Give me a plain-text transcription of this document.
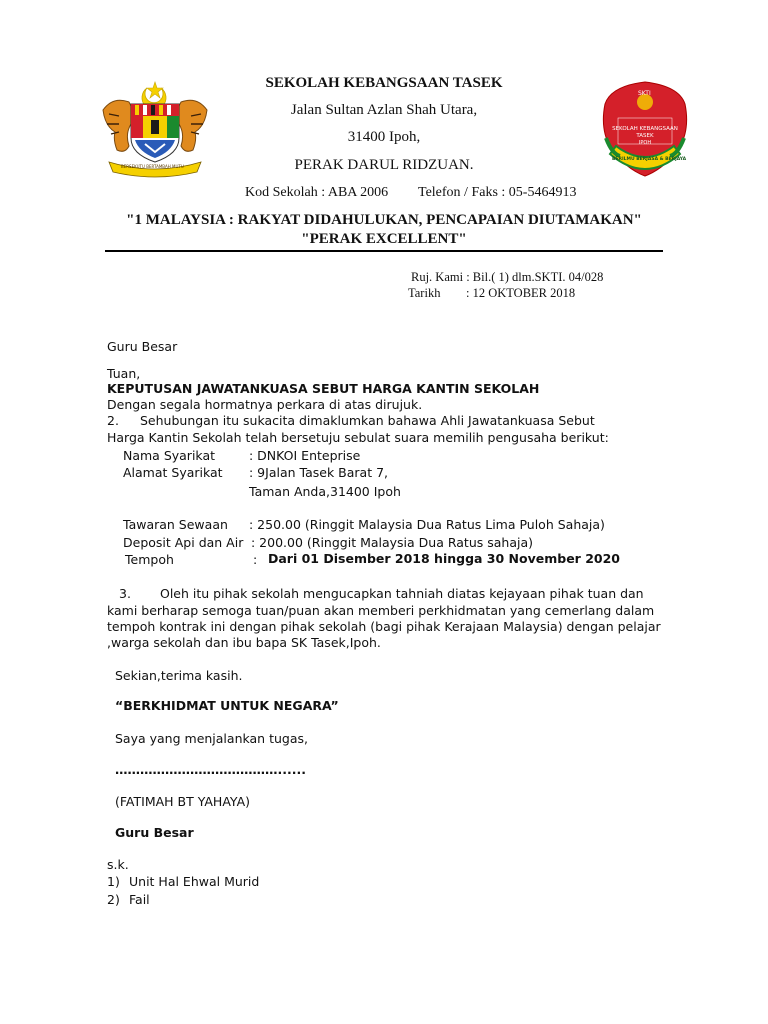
BERSEKUTU BERTAMBAH MUTU
SKTI
SEKOLAH KEBANGSAAN
TASEK
IPOH
BERILMU BERJASA & BERJAYA
SEKOLAH KEBANGSAAN TASEK
Jalan Sultan Azlan Shah Utara,
31400 Ipoh,
PERAK DARUL RIDZUAN.
Kod Sekolah : ABA 2006 Telefon / Faks : 05-5464913
"1 MALAYSIA : RAKYAT DIDAHULUKAN, PENCAPAIAN DIUTAMAKAN"
"PERAK EXCELLENT"
Ruj. Kami : Bil.( 1) dlm.SKTI. 04/028
Tarikh : 12 OKTOBER 2018
Guru Besar
Tuan,
KEPUTUSAN JAWATANKUASA SEBUT HARGA KANTIN SEKOLAH
Dengan segala hormatnya perkara di atas dirujuk.
2. Sehubungan itu sukacita dimaklumkan bahawa Ahli Jawatankuasa Sebut
Harga Kantin Sekolah telah bersetuju sebulat suara memilih pengusaha berikut:
Nama Syarikat	: DNKOI Enteprise
Alamat Syarikat : 9Jalan Tasek Barat 7,
Taman Anda,31400 Ipoh
Tawaran Sewaan : 250.00 (Ringgit Malaysia Dua Ratus Lima Puloh Sahaja)
Deposit Api dan Air : 200.00 (Ringgit Malaysia Dua Ratus sahaja)
Tempoh	: Dari 01 Disember 2018 hingga 30 November 2020
3. Oleh itu pihak sekolah mengucapkan tahniah diatas kejayaan pihak tuan dan
kami berharap semoga tuan/puan akan memberi perkhidmatan yang cemerlang dalam
tempoh kontrak ini dengan pihak sekolah (bagi pihak Kerajaan Malaysia) dengan pelajar
,warga sekolah dan ibu bapa SK Tasek,Ipoh.
Sekian,terima kasih.
“BERKHIDMAT UNTUK NEGARA”
Saya yang menjalankan tugas,
…………………………………......
(FATIMAH BT YAHAYA)
Guru Besar
s.k.
1) Unit Hal Ehwal Murid
2) Fail
